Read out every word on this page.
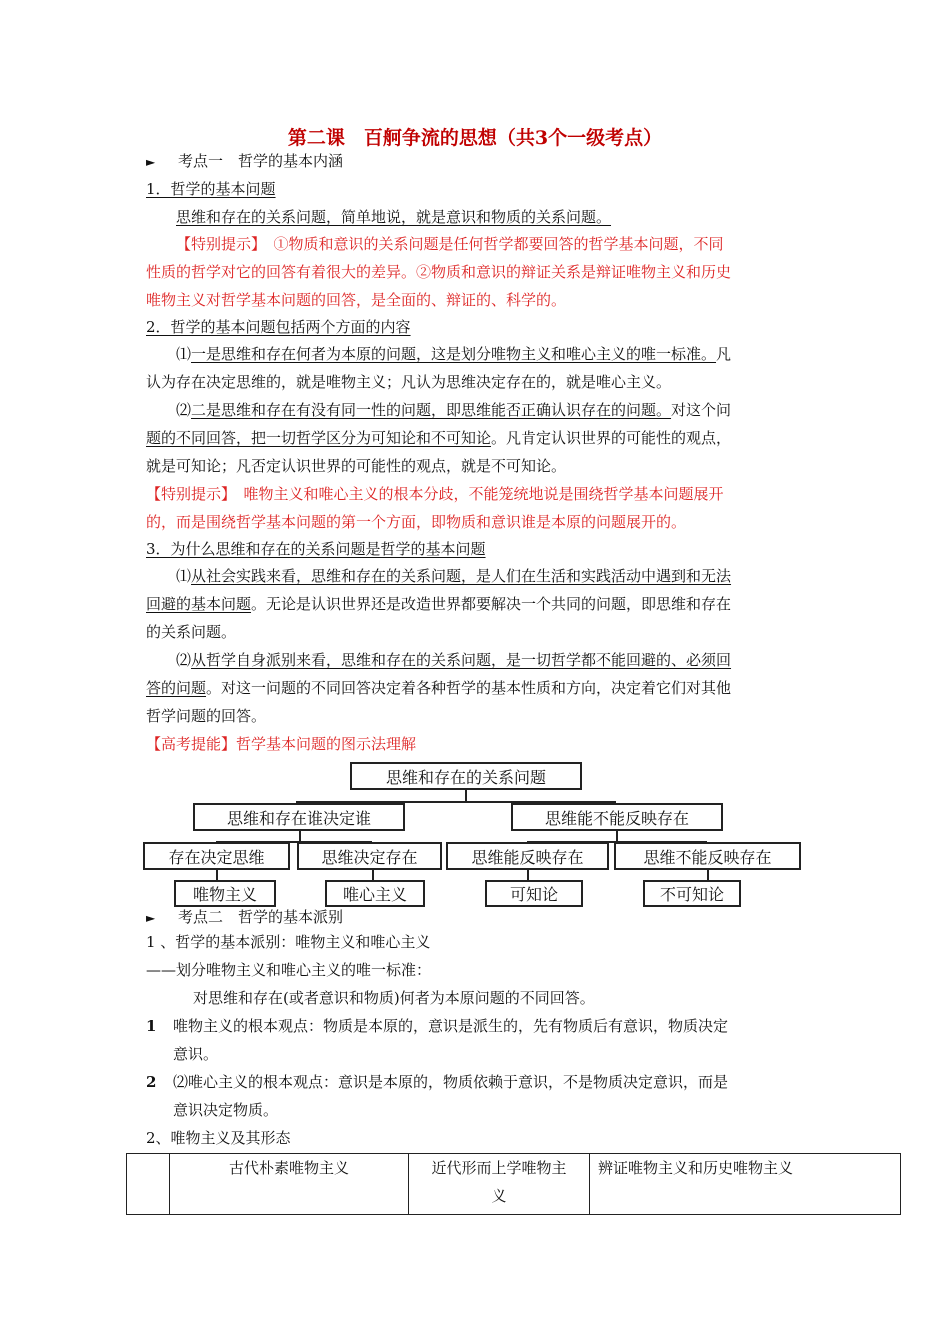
第二课　百舸争流的思想（共3个一级考点）
► 考点一　哲学的基本内涵
1．哲学的基本问题
思维和存在的关系问题，简单地说，就是意识和物质的关系问题。
【特别提示】　①物质和意识的关系问题是任何哲学都要回答的哲学基本问题，不同
性质的哲学对它的回答有着很大的差异。②物质和意识的辩证关系是辩证唯物主义和历史
唯物主义对哲学基本问题的回答，是全面的、辩证的、科学的。
2．哲学的基本问题包括两个方面的内容
⑴一是思维和存在何者为本原的问题，这是划分唯物主义和唯心主义的唯一标准。凡
认为存在决定思维的，就是唯物主义；凡认为思维决定存在的，就是唯心主义。
⑵二是思维和存在有没有同一性的问题，即思维能否正确认识存在的问题。对这个问
题的不同回答，把一切哲学区分为可知论和不可知论。凡肯定认识世界的可能性的观点，
就是可知论；凡否定认识世界的可能性的观点，就是不可知论。
【特别提示】　唯物主义和唯心主义的根本分歧，不能笼统地说是围绕哲学基本问题展开
的，而是围绕哲学基本问题的第一个方面，即物质和意识谁是本原的问题展开的。
3．为什么思维和存在的关系问题是哲学的基本问题
⑴从社会实践来看，思维和存在的关系问题，是人们在生活和实践活动中遇到和无法
回避的基本问题。无论是认识世界还是改造世界都要解决一个共同的问题，即思维和存在
的关系问题。
⑵从哲学自身派别来看，思维和存在的关系问题，是一切哲学都不能回避的、必须回
答的问题。对这一问题的不同回答决定着各种哲学的基本性质和方向，决定着它们对其他
哲学问题的回答。
【高考提能】哲学基本问题的图示法理解
思维和存在的关系问题
思维和存在谁决定谁	思维能不能反映存在
存在决定思维	思维决定存在	思维能反映存在	思维不能反映存在
唯物主义	唯心主义	可知论	不可知论
► 考点二　哲学的基本派别
1 、哲学的基本派别：唯物主义和唯心主义
——划分唯物主义和唯心主义的唯一标准：
对思维和存在(或者意识和物质)何者为本原问题的不同回答。
1 唯物主义的根本观点：物质是本原的，意识是派生的，先有物质后有意识，物质决定
意识。
2 ⑵唯心主义的根本观点：意识是本原的，物质依赖于意识，不是物质决定意识，而是
意识决定物质。
2、唯物主义及其形态
	古代朴素唯物主义	近代形而上学唯物主
义
	辨证唯物主义和历史唯物主义
